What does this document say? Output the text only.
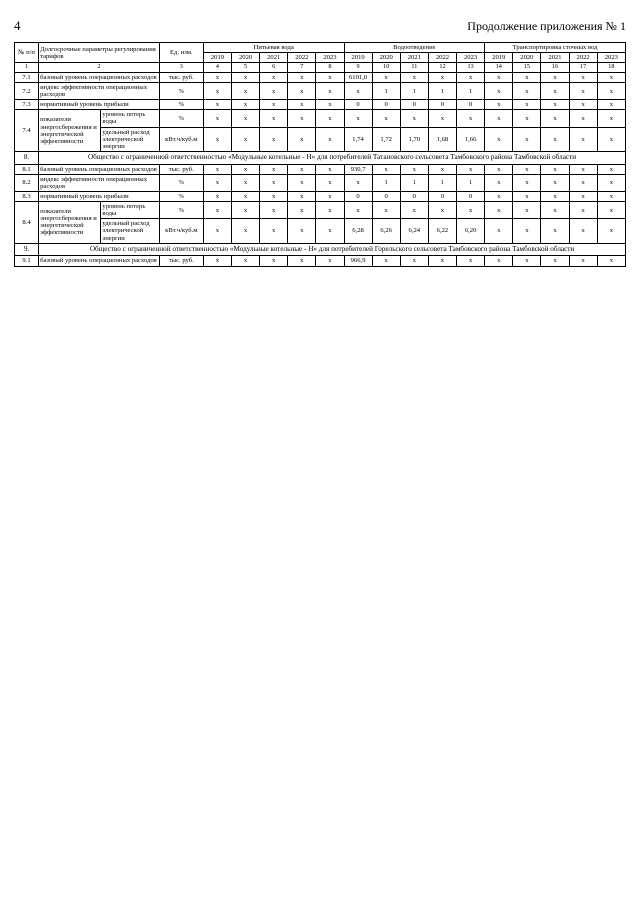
4	Продолжение приложения № 1
№ п/п	Долгосрочные параметры регулирования тарифов		Ед. изм.	Питьевая вода					Водоотведение					Транспортировка сточных вод				
				2019	2020	2021	2022	2023	2019	2020	2021	2022	2023	2019	2020	2021	2022	2023
1	2		3	4	5	6	7	8	9	10	11	12	13	14	15	16	17	18
7.1	базовый уровень операционных расходов		тыс. руб.	x	x	x	x	x	6101,0	x	x	x	x	x	x	x	x	x
7.2	индекс эффективности операционных расходов		%	x	x	x	x	x	x	1	1	1	1	x	x	x	x	x
7.3	нормативный уровень прибыли		%	x	x	x	x	x	0	0	0	0	0	x	x	x	x	x
7.4	показатели энергосбережения и энергетической эффективности	уровень потерь воды	%	x	x	x	x	x	x	x	x	x	x	x	x	x	x	x
		удельный расход электрической энергии	кВт.ч/куб.м	x	x	x	x	x	1,74	1,72	1,70	1,68	1,66	x	x	x	x	x
8.	Общество с ограниченной ответственностью «Модульные котельные - Н» для потребителей Татановского сельсовета Тамбовского района Тамбовской области																	
8.1	базовый уровень операционных расходов		тыс. руб.	x	x	x	x	x	930,7	x	x	x	x	x	x	x	x	x
8.2	индекс эффективности операционных расходов		%	x	x	x	x	x	x	1	1	1	1	x	x	x	x	x
8.3	нормативный уровень прибыли		%	x	x	x	x	x	0	0	0	0	0	x	x	x	x	x
8.4	показатели энергосбережения и энергетической эффективности	уровень потерь воды	%	x	x	x	x	x	x	x	x	x	x	x	x	x	x	x
		удельный расход электрической энергии	кВт.ч/куб.м	x	x	x	x	x	6,28	6,26	6,24	6,22	6,20	x	x	x	x	x
9.	Общество с ограниченной ответственностью «Модульные котельные - Н» для потребителей Горельского сельсовета Тамбовского района Тамбовской области																	
9.1	базовый уровень операционных расходов		тыс. руб.	x	x	x	x	x	966,9	x	x	x	x	x	x	x	x	x
